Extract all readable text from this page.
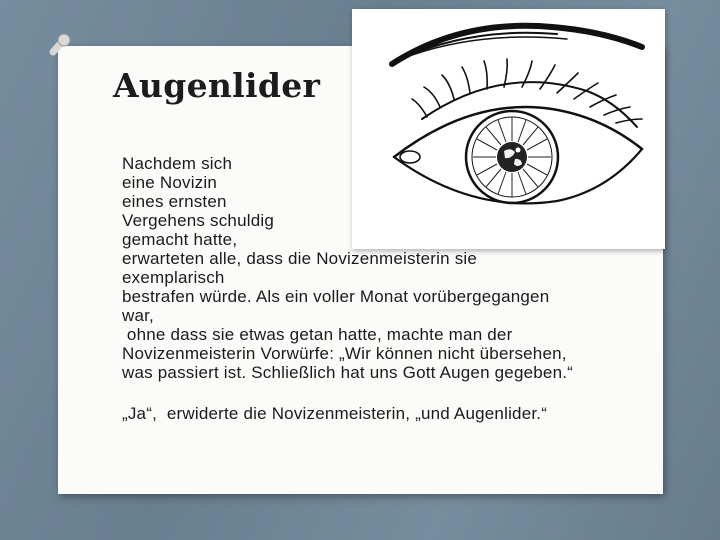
Augenlider
Nachdem sich
eine Novizin
eines ernsten
Vergehens schuldig
gemacht hatte,
erwarteten alle, dass die Novizenmeisterin sie
exemplarisch
bestrafen würde. Als ein voller Monat vorübergegangen
war,
ohne dass sie etwas getan hatte, machte man der
Novizenmeisterin Vorwürfe: „Wir können nicht übersehen,
was passiert ist. Schließlich hat uns Gott Augen gegeben.“
„Ja“,  erwiderte die Novizenmeisterin, „und Augenlider.“
